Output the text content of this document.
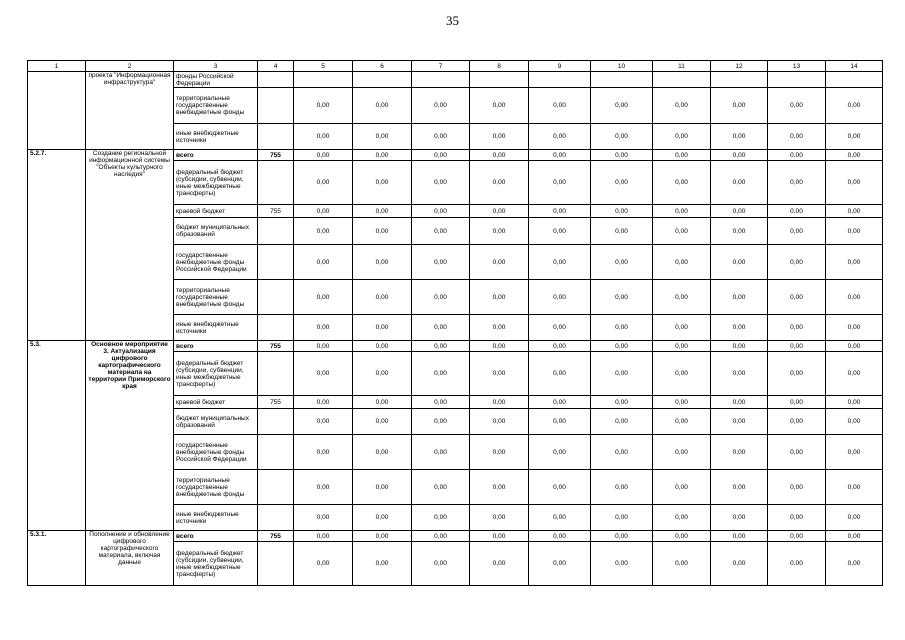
35
1	2	3	4	5	6	7	8	9	10	11	12	13	14
	проекта "Информационная инфраструктура"	фонды Российской Федерации											
		территориальные государственные внебюджетные фонды		0,00	0,00	0,00	0,00	0,00	0,00	0,00	0,00	0,00	0,00
		иные внебюджетные источники		0,00	0,00	0,00	0,00	0,00	0,00	0,00	0,00	0,00	0,00
5.2.7.	Создание региональной информационной системы "Объекты культурного наследия"	всего	755	0,00	0,00	0,00	0,00	0,00	0,00	0,00	0,00	0,00	0,00
		федеральный бюджет (субсидии, субвенции, иные межбюджетные трансферты)		0,00	0,00	0,00	0,00	0,00	0,00	0,00	0,00	0,00	0,00
		краевой бюджет	755	0,00	0,00	0,00	0,00	0,00	0,00	0,00	0,00	0,00	0,00
		бюджет муниципальных образований		0,00	0,00	0,00	0,00	0,00	0,00	0,00	0,00	0,00	0,00
		государственные внебюджетные фонды Российской Федерации		0,00	0,00	0,00	0,00	0,00	0,00	0,00	0,00	0,00	0,00
		территориальные государственные внебюджетные фонды		0,00	0,00	0,00	0,00	0,00	0,00	0,00	0,00	0,00	0,00
		иные внебюджетные источники		0,00	0,00	0,00	0,00	0,00	0,00	0,00	0,00	0,00	0,00
5.3.	Основное мероприятие 3. Актуализация цифрового картографического материала на территории Приморского края	всего	755	0,00	0,00	0,00	0,00	0,00	0,00	0,00	0,00	0,00	0,00
		федеральный бюджет (субсидии, субвенции, иные межбюджетные трансферты)		0,00	0,00	0,00	0,00	0,00	0,00	0,00	0,00	0,00	0,00
		краевой бюджет	755	0,00	0,00	0,00	0,00	0,00	0,00	0,00	0,00	0,00	0,00
		бюджет муниципальных образований		0,00	0,00	0,00	0,00	0,00	0,00	0,00	0,00	0,00	0,00
		государственные внебюджетные фонды Российской Федерации		0,00	0,00	0,00	0,00	0,00	0,00	0,00	0,00	0,00	0,00
		территориальные государственные внебюджетные фонды		0,00	0,00	0,00	0,00	0,00	0,00	0,00	0,00	0,00	0,00
		иные внебюджетные источники		0,00	0,00	0,00	0,00	0,00	0,00	0,00	0,00	0,00	0,00
5.3.1.	Пополнение и обновление цифрового картографического материала, включая данные	всего	755	0,00	0,00	0,00	0,00	0,00	0,00	0,00	0,00	0,00	0,00
		федеральный бюджет (субсидии, субвенции, иные межбюджетные трансферты)		0,00	0,00	0,00	0,00	0,00	0,00	0,00	0,00	0,00	0,00
